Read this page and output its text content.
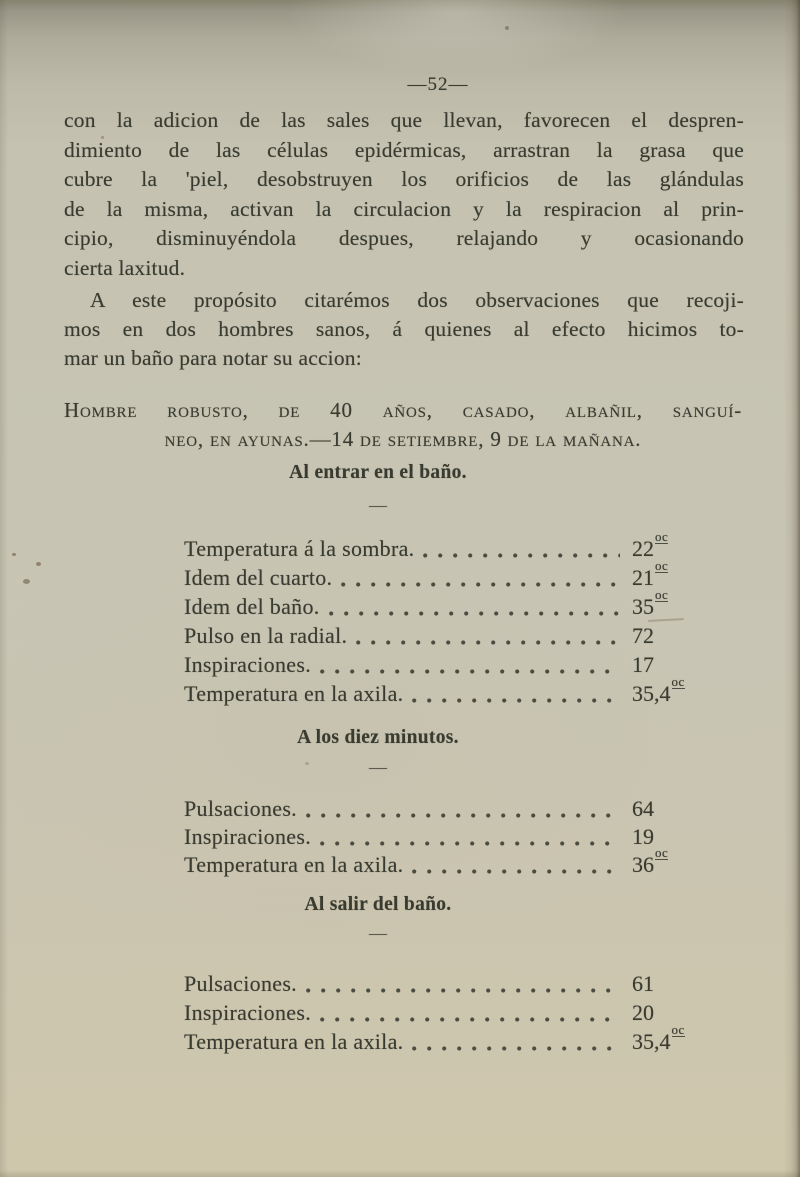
—52—
con la adicion de las sales que llevan, favorecen el despren-
dimiento de las células epidérmicas, arrastran la grasa que
cubre la 'piel, desobstruyen los orificios de las glándulas
de la misma, activan la circulacion y la respiracion al prin-
cipio, disminuyéndola despues, relajando y ocasionando
cierta laxitud.
A este propósito citarémos dos observaciones que recoji-
mos en dos hombres sanos, á quienes al efecto hicimos to-
mar un baño para notar su accion:
Hombre robusto, de 40 años, casado, albañil, sanguí-
neo, en ayunas.—14 de setiembre, 9 de la mañana.
Al entrar en el baño.
—
Temperatura á la sombra.	$22^{oc}$
Idem del cuarto.	$21^{oc}$
Idem del baño.	$35^{oc}$
Pulso en la radial.	72
Inspiraciones.	17
Temperatura en la axila.	$35,4^{oc}$
A los diez minutos.
—
Pulsaciones.	64
Inspiraciones.	19
Temperatura en la axila.	$36^{oc}$
Al salir del baño.
—
Pulsaciones.	61
Inspiraciones.	20
Temperatura en la axila.	$35,4^{oc}$
